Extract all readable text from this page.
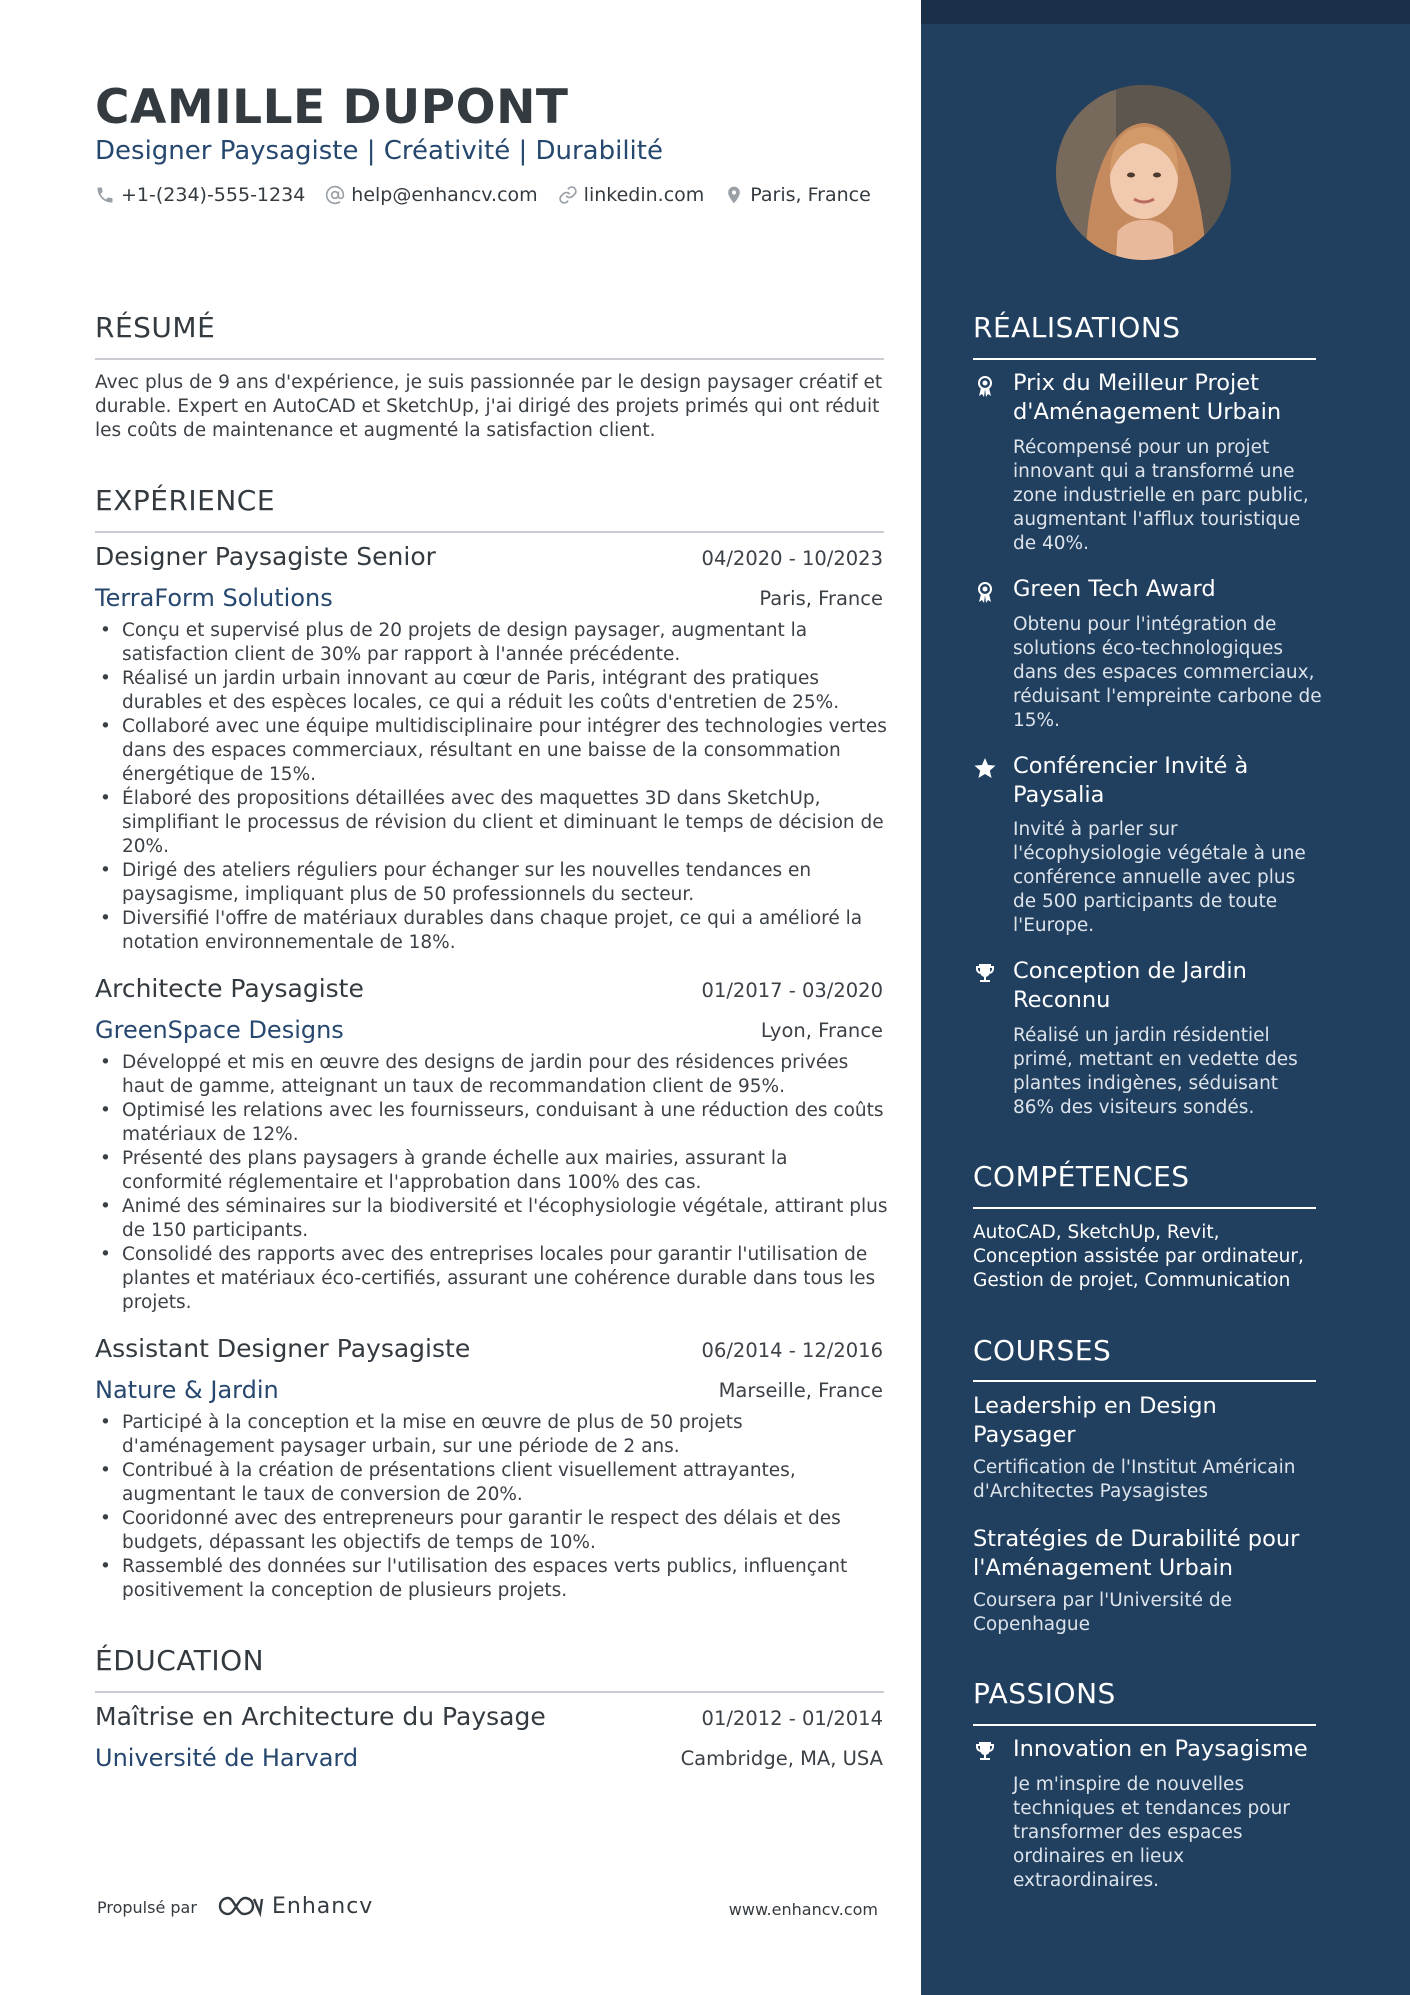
CAMILLE DUPONT
Designer Paysagiste | Créativité | Durabilité
+1-(234)-555-1234 help@enhancv.com linkedin.com Paris, France
RÉSUMÉ
Avec plus de 9 ans d'expérience, je suis passionnée par le design paysager créatif et durable. Expert en AutoCAD et SketchUp, j'ai dirigé des projets primés qui ont réduit les coûts de maintenance et augmenté la satisfaction client.
EXPÉRIENCE
Designer Paysagiste Senior	04/2020 - 10/2023
TerraForm Solutions	Paris, France
• Conçu et supervisé plus de 20 projets de design paysager, augmentant la satisfaction client de 30% par rapport à l'année précédente.
• Réalisé un jardin urbain innovant au cœur de Paris, intégrant des pratiques durables et des espèces locales, ce qui a réduit les coûts d'entretien de 25%.
• Collaboré avec une équipe multidisciplinaire pour intégrer des technologies vertes dans des espaces commerciaux, résultant en une baisse de la consommation énergétique de 15%.
• Élaboré des propositions détaillées avec des maquettes 3D dans SketchUp, simplifiant le processus de révision du client et diminuant le temps de décision de 20%.
• Dirigé des ateliers réguliers pour échanger sur les nouvelles tendances en paysagisme, impliquant plus de 50 professionnels du secteur.
• Diversifié l'offre de matériaux durables dans chaque projet, ce qui a amélioré la notation environnementale de 18%.
Architecte Paysagiste	01/2017 - 03/2020
GreenSpace Designs	Lyon, France
• Développé et mis en œuvre des designs de jardin pour des résidences privées haut de gamme, atteignant un taux de recommandation client de 95%.
• Optimisé les relations avec les fournisseurs, conduisant à une réduction des coûts matériaux de 12%.
• Présenté des plans paysagers à grande échelle aux mairies, assurant la conformité réglementaire et l'approbation dans 100% des cas.
• Animé des séminaires sur la biodiversité et l'écophysiologie végétale, attirant plus de 150 participants.
• Consolidé des rapports avec des entreprises locales pour garantir l'utilisation de plantes et matériaux éco-certifiés, assurant une cohérence durable dans tous les projets.
Assistant Designer Paysagiste	06/2014 - 12/2016
Nature & Jardin	Marseille, France
• Participé à la conception et la mise en œuvre de plus de 50 projets d'aménagement paysager urbain, sur une période de 2 ans.
• Contribué à la création de présentations client visuellement attrayantes, augmentant le taux de conversion de 20%.
• Cooridonné avec des entrepreneurs pour garantir le respect des délais et des budgets, dépassant les objectifs de temps de 10%.
• Rassemblé des données sur l'utilisation des espaces verts publics, influençant positivement la conception de plusieurs projets.
ÉDUCATION
Maîtrise en Architecture du Paysage	01/2012 - 01/2014
Université de Harvard	Cambridge, MA, USA
Propulsé par	Enhancv	www.enhancv.com
RÉALISATIONS
Prix du Meilleur Projet d'Aménagement Urbain
Récompensé pour un projet innovant qui a transformé une zone industrielle en parc public, augmentant l'afflux touristique de 40%.
Green Tech Award
Obtenu pour l'intégration de solutions éco-technologiques dans des espaces commerciaux, réduisant l'empreinte carbone de 15%.
Conférencier Invité à Paysalia
Invité à parler sur l'écophysiologie végétale à une conférence annuelle avec plus de 500 participants de toute l'Europe.
Conception de Jardin Reconnu
Réalisé un jardin résidentiel primé, mettant en vedette des plantes indigènes, séduisant 86% des visiteurs sondés.
COMPÉTENCES
AutoCAD, SketchUp, Revit, Conception assistée par ordinateur, Gestion de projet, Communication
COURSES
Leadership en Design Paysager
Certification de l'Institut Américain d'Architectes Paysagistes
Stratégies de Durabilité pour l'Aménagement Urbain
Coursera par l'Université de Copenhague
PASSIONS
Innovation en Paysagisme
Je m'inspire de nouvelles techniques et tendances pour transformer des espaces ordinaires en lieux extraordinaires.
